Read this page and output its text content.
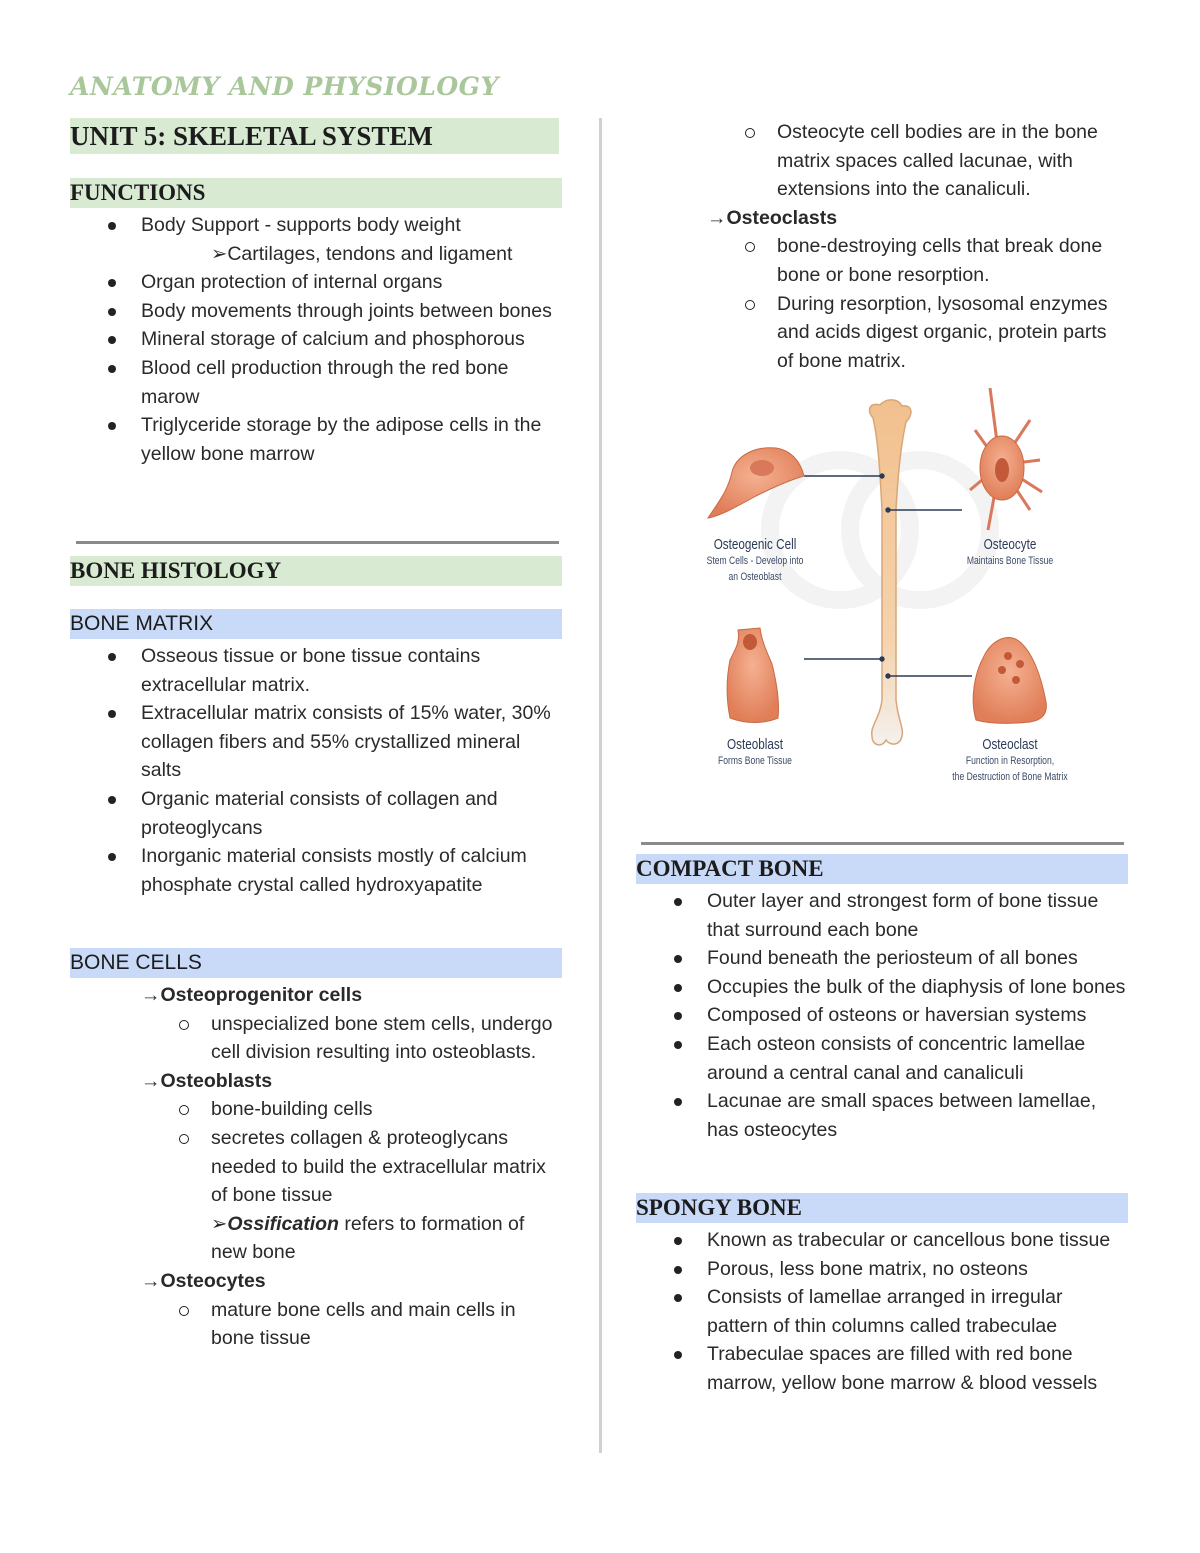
ANATOMY AND PHYSIOLOGY
UNIT 5: SKELETAL SYSTEM
FUNCTIONS
Body Support - supports body weight
➢Cartilages, tendons and ligament
Organ protection of internal organs
Body movements through joints between bones
Mineral storage of calcium and phosphorous
Blood cell production through the red bone marow
Triglyceride storage by the adipose cells in the yellow bone marrow
BONE HISTOLOGY
BONE MATRIX
Osseous tissue or bone tissue contains extracellular matrix.
Extracellular matrix consists of 15% water, 30% collagen fibers and 55% crystallized mineral salts
Organic material consists of collagen and proteoglycans
Inorganic material consists mostly of calcium phosphate crystal called hydroxyapatite
BONE CELLS
→Osteoprogenitor cells
unspecialized bone stem cells, undergo cell division resulting into osteoblasts.
→Osteoblasts
bone-building cells
secretes collagen & proteoglycans needed to build the extracellular matrix of bone tissue
➢Ossification refers to formation of new bone
→Osteocytes
mature bone cells and main cells in bone tissue
Osteocyte cell bodies are in the bone matrix spaces called lacunae, with extensions into the canaliculi.
→Osteoclasts
bone-destroying cells that break done bone or bone resorption.
During resorption, lysosomal enzymes and acids digest organic, protein parts of bone matrix.
Osteogenic Cell
Stem Cells - Develop into
an Osteoblast
Osteocyte
Maintains Bone Tissue
Osteoblast
Forms Bone Tissue
Osteoclast
Function in Resorption,
the Destruction of Bone Matrix
COMPACT BONE
Outer layer and strongest form of bone tissue that surround each bone
Found beneath the periosteum of all bones
Occupies the bulk of the diaphysis of lone bones
Composed of osteons or haversian systems
Each osteon consists of concentric lamellae around a central canal and canaliculi
Lacunae are small spaces between lamellae, has osteocytes
SPONGY BONE
Known as trabecular or cancellous bone tissue
Porous, less bone matrix, no osteons
Consists of lamellae arranged in irregular pattern of thin columns called trabeculae
Trabeculae spaces are filled with red bone marrow, yellow bone marrow & blood vessels
